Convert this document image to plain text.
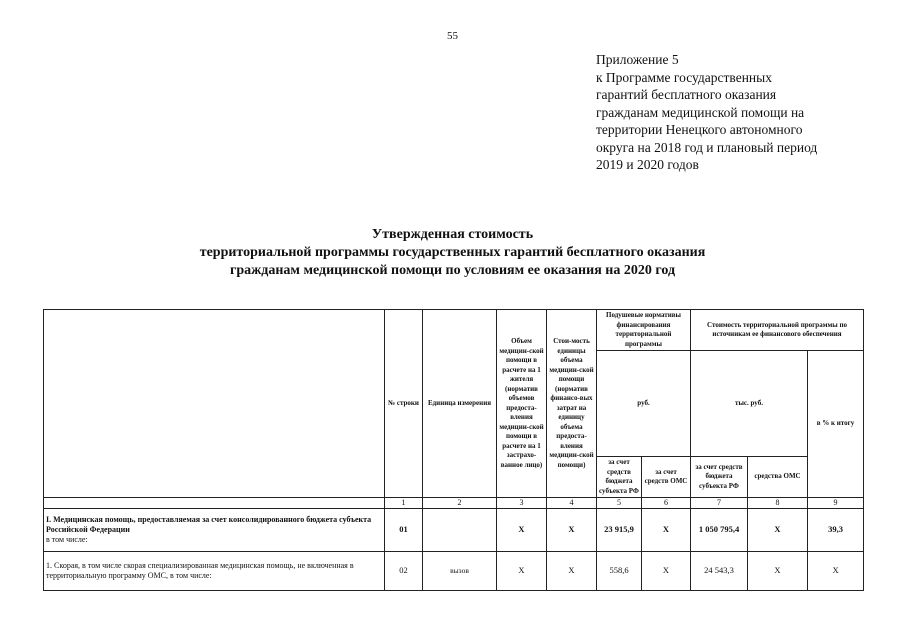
55
Приложение 5
к Программе государственных
гарантий бесплатного оказания
гражданам медицинской помощи на
территории Ненецкого автономного
округа на 2018 год и плановый период
2019 и 2020 годов
Утвержденная стоимость
территориальной программы государственных гарантий бесплатного оказания
гражданам медицинской помощи по условиям ее оказания на 2020 год
	№ строки	Единица измерения	Объем медицин-ской помощи в расчете на 1 жителя (норматив объемов предоста-вления медицин-ской помощи в расчете на 1 застрахо-ванное лицо)	Стои-мость единицы объема медицин-ской помощи (норматив финансо-вых затрат на единицу объема предоста-вления медицин-ской помощи)	Подушевые нормативы финансирования территориальной программы		Стоимость территориальной программы по источникам ее финансового обеспечения		
					руб.		тыс. руб.		в % к итогу
					за счет средств бюджета субъекта РФ	за счет средств ОМС	за счет средств бюджета субъекта РФ	средства ОМС	
	1	2	3	4	5	6	7	8	9

I. Медицинская помощь, предоставляемая за счет консолидированного бюджета субъекта Российской Федерации
в том числе:	01		Х	Х	23 915,9	Х	1 050 795,4	Х	39,3

1. Скорая, в том числе скорая специализированная медицинская помощь, не включенная в территориальную программу ОМС, в том числе:	02	вызов	Х	Х	558,6	Х	24 543,3	Х	Х
